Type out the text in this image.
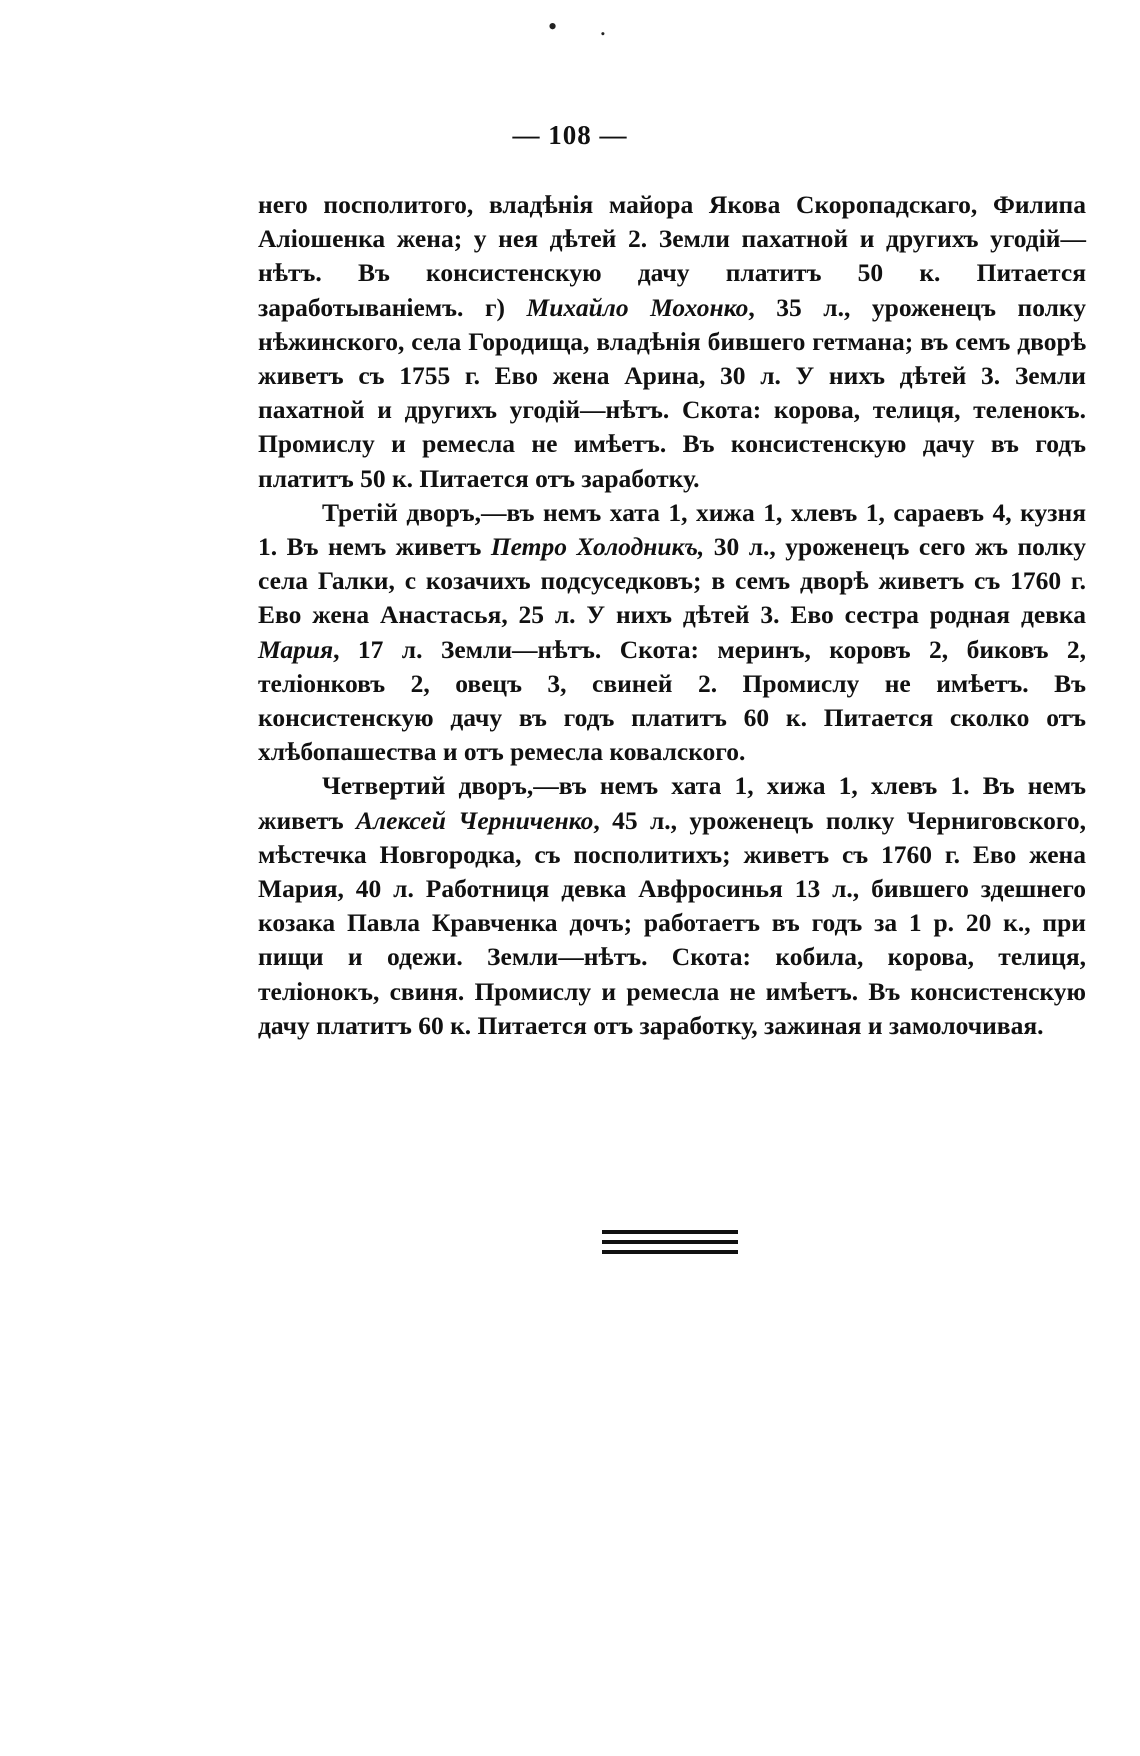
• .
— 108 —

него посполитого, владѣнія майора Якова Скоропадскаго, Филипа Аліошенка жена; у нея дѣтей 2. Земли пахатной и другихъ угодій—нѣтъ. Въ консистенскую дачу платитъ 50 к. Питается заработываніемъ. г) Михайло Мохонко, 35 л., уроженецъ полку нѣжинского, села Городища, владѣнія бившего гетмана; въ семъ дворѣ живетъ съ 1755 г. Ево жена Арина, 30 л. У нихъ дѣтей 3. Земли пахатной и другихъ угодій—нѣтъ. Скота: корова, телиця, теленокъ. Промислу и ремесла не имѣетъ. Въ консистенскую дачу въ годъ платитъ 50 к. Питается отъ заработку.

Третій дворъ,—въ немъ хата 1, хижа 1, хлевъ 1, сараевъ 4, кузня 1. Въ немъ живетъ Петро Холодникъ, 30 л., уроженецъ сего жъ полку села Галки, с козачихъ подсуседковъ; в семъ дворѣ живетъ съ 1760 г. Ево жена Анастасья, 25 л. У нихъ дѣтей 3. Ево сестра родная девка Мария, 17 л. Земли—нѣтъ. Скота: меринъ, коровъ 2, биковъ 2, теліонковъ 2, овецъ 3, свиней 2. Промислу не имѣетъ. Въ консистенскую дачу въ годъ платитъ 60 к. Питается сколко отъ хлѣбопашества и отъ ремесла ковалского.

Четвертий дворъ,—въ немъ хата 1, хижа 1, хлевъ 1. Въ немъ живетъ Алексей Черниченко, 45 л., уроженецъ полку Черниговского, мѣстечка Новгородка, съ посполитихъ; живетъ съ 1760 г. Ево жена Мария, 40 л. Работниця девка Авфросинья 13 л., бившего здешнего козака Павла Кравченка дочъ; работаетъ въ годъ за 1 р. 20 к., при пищи и одежи. Земли—нѣтъ. Скота: кобила, корова, телиця, теліонокъ, свиня. Промислу и ремесла не имѣетъ. Въ консистенскую дачу платитъ 60 к. Питается отъ заработку, зажиная и замолочивая.
